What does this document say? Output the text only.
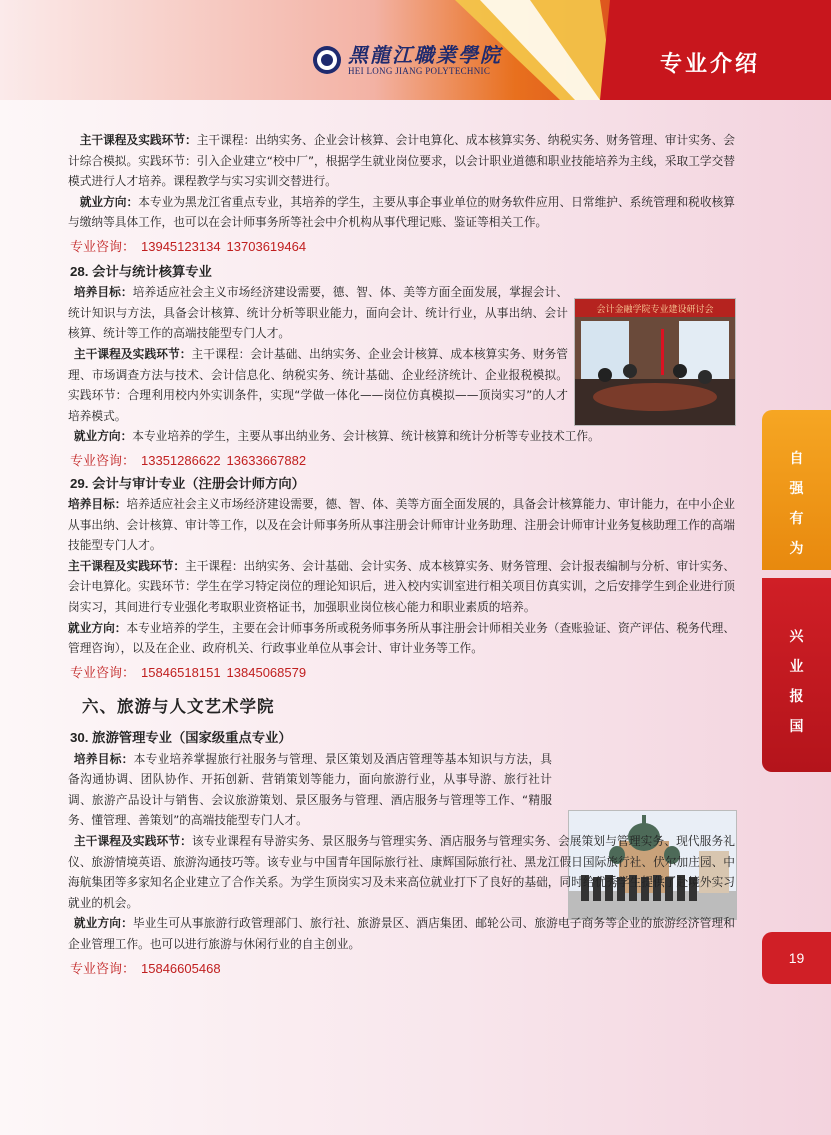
黑龍江職業學院
HEI LONG JIANG POLYTECHNIC	专业介绍
会计金融学院专业建设研讨会
自
强
有
为
兴
业
报
国
19

主干课程及实践环节：主干课程：出纳实务、企业会计核算、会计电算化、成本核算实务、纳税实务、财务管理、审计实务、会计综合模拟。实践环节：引入企业建立“校中厂”，根据学生就业岗位要求，以会计职业道德和职业技能培养为主线，采取工学交替模式进行人才培养。课程教学与实习实训交替进行。

就业方向：本专业为黑龙江省重点专业，其培养的学生，主要从事企事业单位的财务软件应用、日常维护、系统管理和税收核算与缴纳等具体工作，也可以在会计师事务所等社会中介机构从事代理记账、鉴证等相关工作。

专业咨询： 13945123134 13703619464

28. 会计与统计核算专业

培养目标：培养适应社会主义市场经济建设需要，德、智、体、美等方面全面发展，掌握会计、统计知识与方法，具备会计核算、统计分析等职业能力，面向会计、统计行业，从事出纳、会计核算、统计等工作的高端技能型专门人才。

主干课程及实践环节：主干课程：会计基础、出纳实务、企业会计核算、成本核算实务、财务管理、市场调查方法与技术、会计信息化、纳税实务、统计基础、企业经济统计、企业报税模拟。实践环节：合理利用校内外实训条件，实现“学做一体化——岗位仿真模拟——顶岗实习”的人才培养模式。

就业方向：本专业培养的学生，主要从事出纳业务、会计核算、统计核算和统计分析等专业技术工作。

专业咨询： 13351286622 13633667882

29. 会计与审计专业（注册会计师方向）

培养目标：培养适应社会主义市场经济建设需要，德、智、体、美等方面全面发展的，具备会计核算能力、审计能力，在中小企业从事出纳、会计核算、审计等工作，以及在会计师事务所从事注册会计师审计业务助理、注册会计师审计业务复核助理工作的高端技能型专门人才。

主干课程及实践环节：主干课程：出纳实务、会计基础、会计实务、成本核算实务、财务管理、会计报表编制与分析、审计实务、会计电算化。实践环节：学生在学习特定岗位的理论知识后，进入校内实训室进行相关项目仿真实训，之后安排学生到企业进行顶岗实习，其间进行专业强化考取职业资格证书，加强职业岗位核心能力和职业素质的培养。

就业方向：本专业培养的学生，主要在会计师事务所或税务师事务所从事注册会计师相关业务（查账验证、资产评估、税务代理、管理咨询），以及在企业、政府机关、行政事业单位从事会计、审计业务等工作。

专业咨询： 15846518151 13845068579

六、旅游与人文艺术学院
30. 旅游管理专业（国家级重点专业）

培养目标：本专业培养掌握旅行社服务与管理、景区策划及酒店管理等基本知识与方法，具备沟通协调、团队协作、开拓创新、营销策划等能力，面向旅游行业，从事导游、旅行社计调、旅游产品设计与销售、会议旅游策划、景区服务与管理、酒店服务与管理等工作、“精服务、懂管理、善策划”的高端技能型专门人才。

主干课程及实践环节：该专业课程有导游实务、景区服务与管理实务、酒店服务与管理实务、会展策划与管理实务、现代服务礼仪、旅游情境英语、旅游沟通技巧等。该专业与中国青年国际旅行社、康辉国际旅行社、黑龙江假日国际旅行社、伏尔加庄园、中海航集团等多家知名企业建立了合作关系。为学生顶岗实习及未来高位就业打下了良好的基础，同时给优秀学生提供了赴境外实习就业的机会。

就业方向：毕业生可从事旅游行政管理部门、旅行社、旅游景区、酒店集团、邮轮公司、旅游电子商务等企业的旅游经济管理和企业管理工作。也可以进行旅游与休闲行业的自主创业。

专业咨询： 15846605468
